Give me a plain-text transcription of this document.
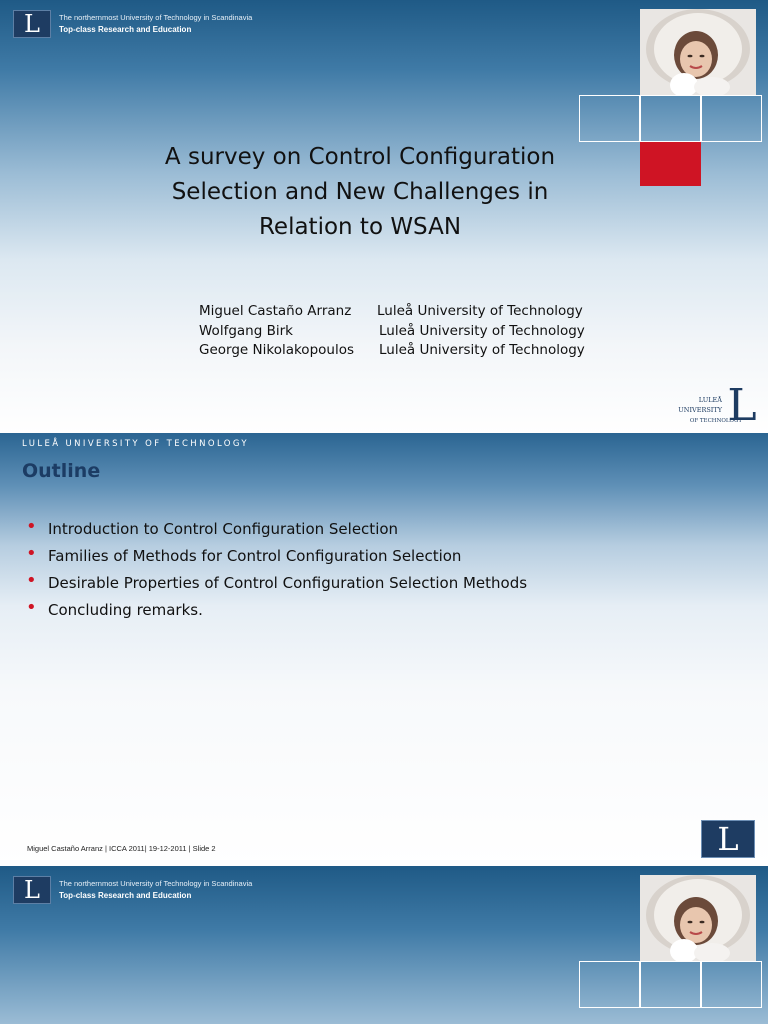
L	The northernmost University of Technology in Scandinavia
Top-class Research and Education
A survey on Control Configuration
Selection and New Challenges in
Relation to WSAN
Miguel Castaño Arranz	Luleå University of Technology
Wolfgang Birk	Luleå University of Technology
George Nikolakopoulos	Luleå University of Technology
L
LULEÅ
UNIVERSITY
OF TECHNOLOGY
LULEÅ UNIVERSITY OF TECHNOLOGY
Outline
• Introduction to Control Configuration Selection
• Families of Methods for Control Configuration Selection
• Desirable Properties of Control Configuration Selection Methods
• Concluding remarks.
Miguel Castaño Arranz | ICCA 2011| 19-12-2011 | Slide 2	L
L	The northernmost University of Technology in Scandinavia
Top-class Research and Education
